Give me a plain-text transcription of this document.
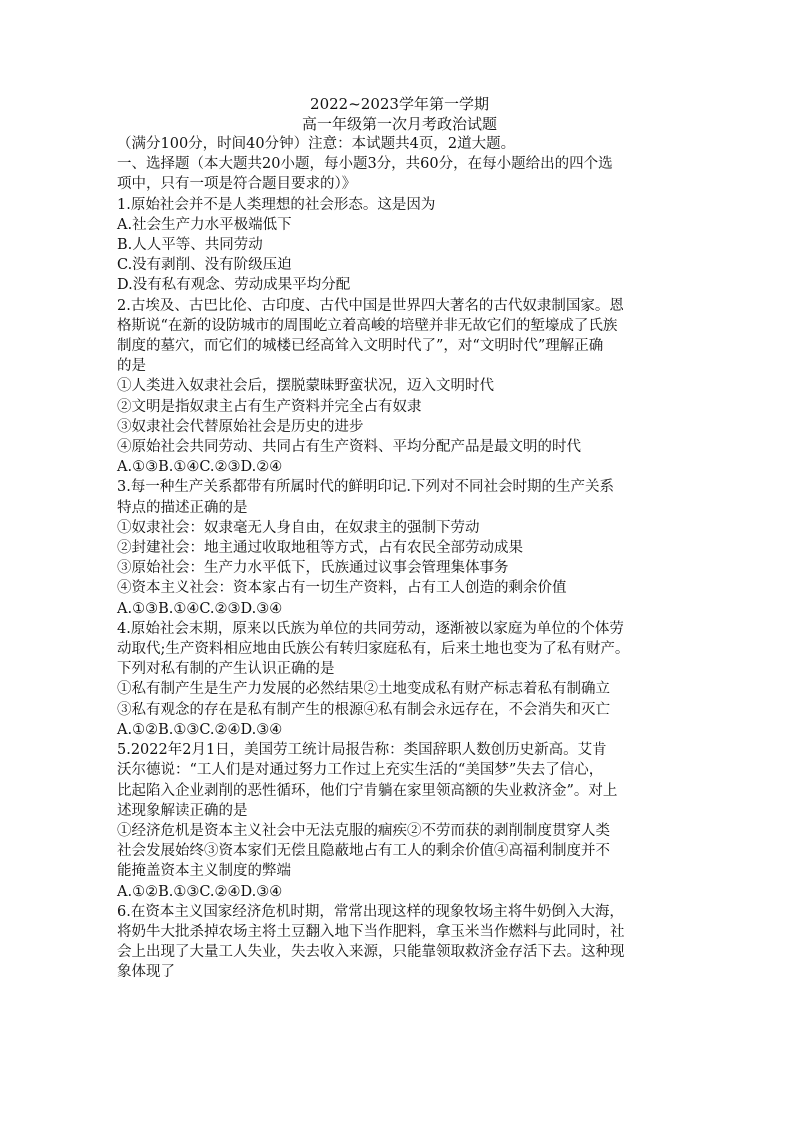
2022~2023学年第一学期

高一年级第一次月考政治试题

（满分100分，时间40分钟）注意：本试题共4页，2道大题。

一、选择题（本大题共20小题，每小题3分，共60分，在每小题给出的四个选

项中，只有一项是符合题目要求的）》

1.原始社会并不是人类理想的社会形态。这是因为

A.社会生产力水平极端低下

B.人人平等、共同劳动

C.没有剥削、没有阶级压迫

D.没有私有观念、劳动成果平均分配

2.古埃及、古巴比伦、古印度、古代中国是世界四大著名的古代奴隶制国家。恩

格斯说“在新的设防城市的周围屹立着高峻的培壁并非无故它们的堑壕成了氏族

制度的墓穴，而它们的城楼已经高耸入文明时代了”，对“文明时代”理解正确

的是

①人类进入奴隶社会后，摆脱蒙昧野蛮状况，迈入文明时代

②文明是指奴隶主占有生产资料并完全占有奴隶

③奴隶社会代替原始社会是历史的进步

④原始社会共同劳动、共同占有生产资料、平均分配产品是最文明的时代

A.①③B.①④C.②③D.②④

3.每一种生产关系都带有所属时代的鲜明印记.下列对不同社会时期的生产关系

特点的描述正确的是

①奴隶社会：奴隶毫无人身自由，在奴隶主的强制下劳动

②封建社会：地主通过收取地租等方式，占有农民全部劳动成果

③原始社会：生产力水平低下，氏族通过议事会管理集体事务

④资本主义社会：资本家占有一切生产资料，占有工人创造的剩余价值

A.①③B.①④C.②③D.③④

4.原始社会末期，原来以氏族为单位的共同劳动，逐渐被以家庭为单位的个体劳

动取代;生产资料相应地由氏族公有转归家庭私有，后来土地也变为了私有财产。

下列对私有制的产生认识正确的是

①私有制产生是生产力发展的必然结果②土地变成私有财产标志着私有制确立

③私有观念的存在是私有制产生的根源④私有制会永远存在，不会消失和灭亡

A.①②B.①③C.②④D.③④

5.2022年2月1日，美国劳工统计局报告称：类国辞职人数创历史新高。艾肯

沃尔德说：“工人们是对通过努力工作过上充实生活的“美国梦”失去了信心，

比起陷入企业剥削的恶性循环，他们宁肯躺在家里领高额的失业救济金”。对上

述现象解读正确的是

①经济危机是资本主义社会中无法克服的痼疾②不劳而获的剥削制度贯穿人类

社会发展始终③资本家们无偿且隐蔽地占有工人的剩余价值④高福利制度并不

能掩盖资本主义制度的弊端

A.①②B.①③C.②④D.③④

6.在资本主义国家经济危机时期，常常出现这样的现象牧场主将牛奶倒入大海，

将奶牛大批杀掉农场主将土豆翻入地下当作肥料，拿玉米当作燃料与此同时，社

会上出现了大量工人失业，失去收入来源，只能靠领取救济金存活下去。这种现

象体现了
